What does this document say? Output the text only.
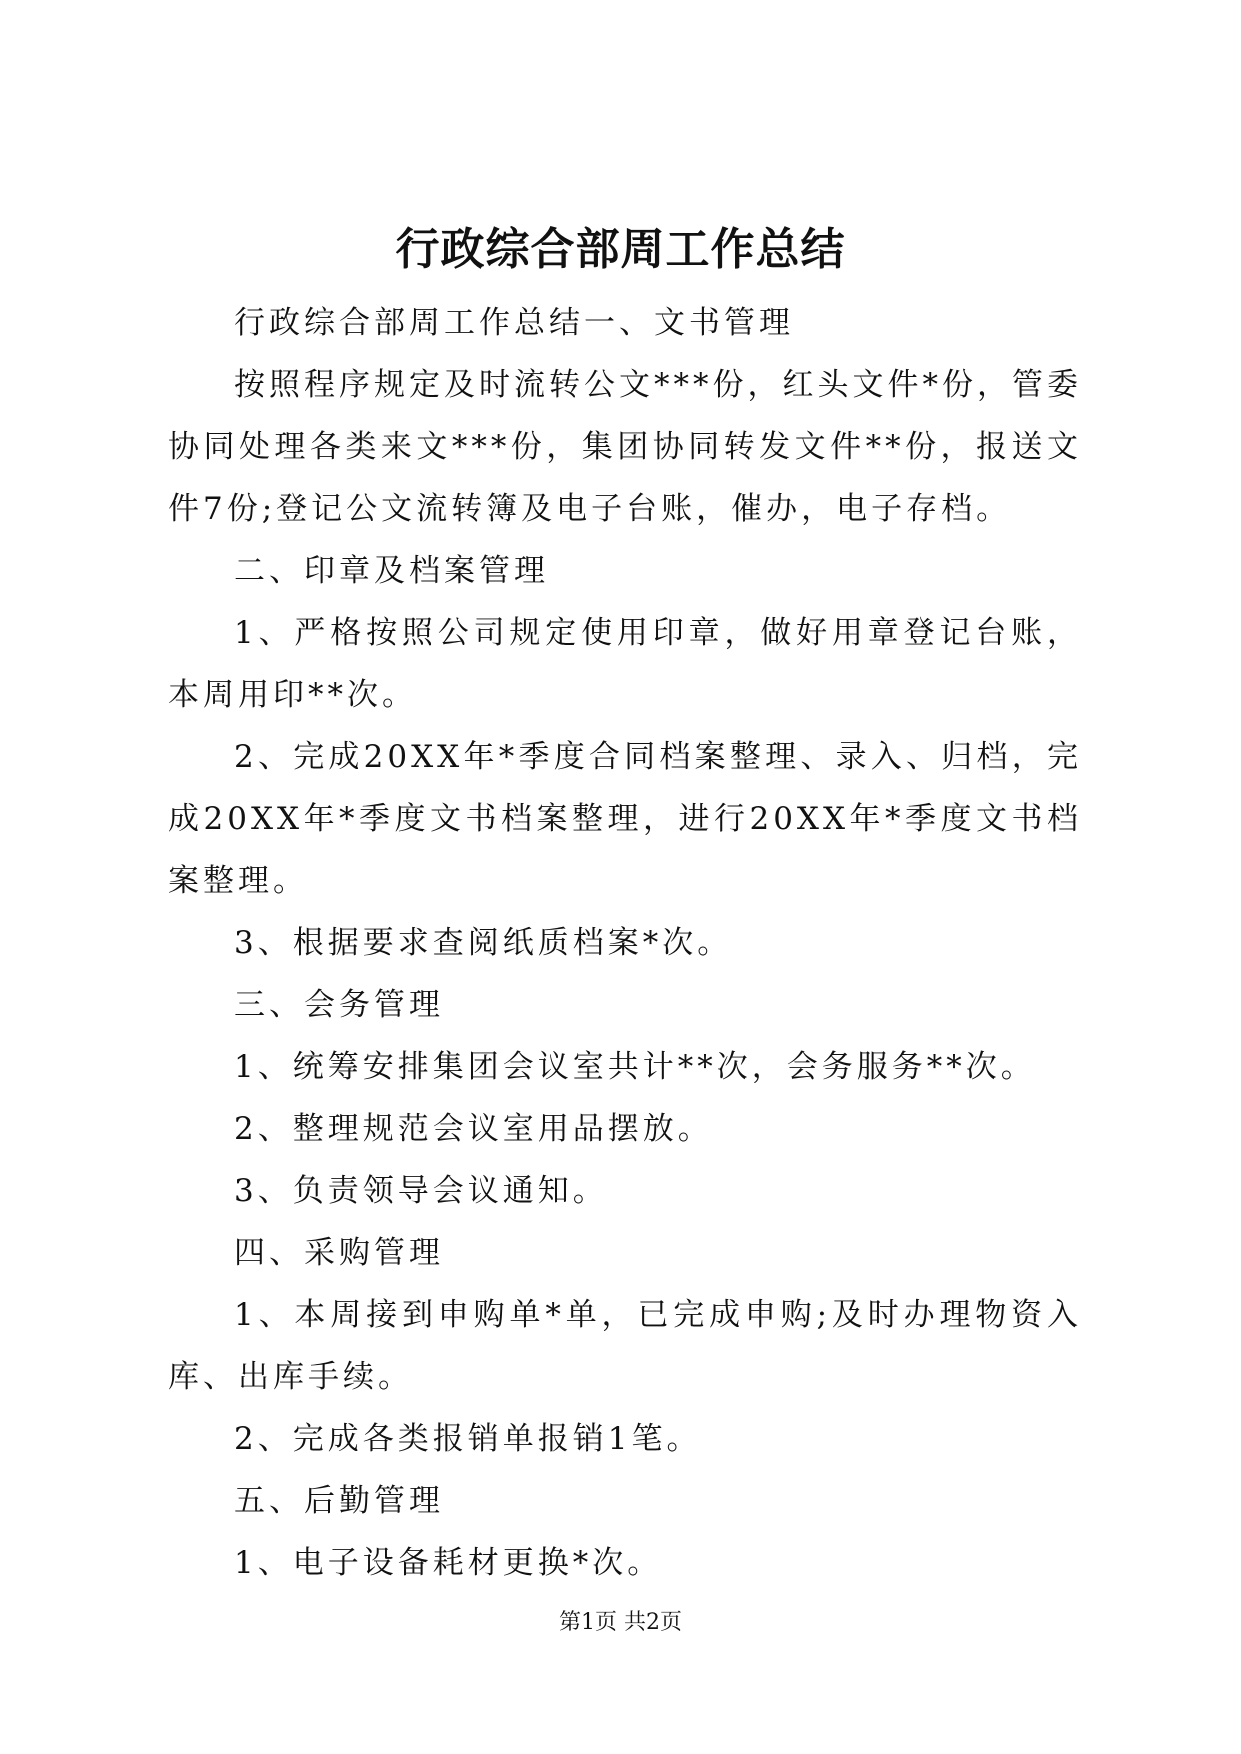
行政综合部周工作总结

行政综合部周工作总结一、文书管理

按照程序规定及时流转公文***份，红头文件*份，管委协同处理各类来文***份，集团协同转发文件**份，报送文件7份;登记公文流转簿及电子台账，催办，电子存档。

二、印章及档案管理

1、严格按照公司规定使用印章，做好用章登记台账，本周用印**次。

2、完成20XX年*季度合同档案整理、录入、归档，完成20XX年*季度文书档案整理，进行20XX年*季度文书档案整理。

3、根据要求查阅纸质档案*次。

三、会务管理

1、统筹安排集团会议室共计**次，会务服务**次。

2、整理规范会议室用品摆放。

3、负责领导会议通知。

四、采购管理

1、本周接到申购单*单，已完成申购;及时办理物资入库、出库手续。

2、完成各类报销单报销1笔。

五、后勤管理

1、电子设备耗材更换*次。

第1页 共2页
